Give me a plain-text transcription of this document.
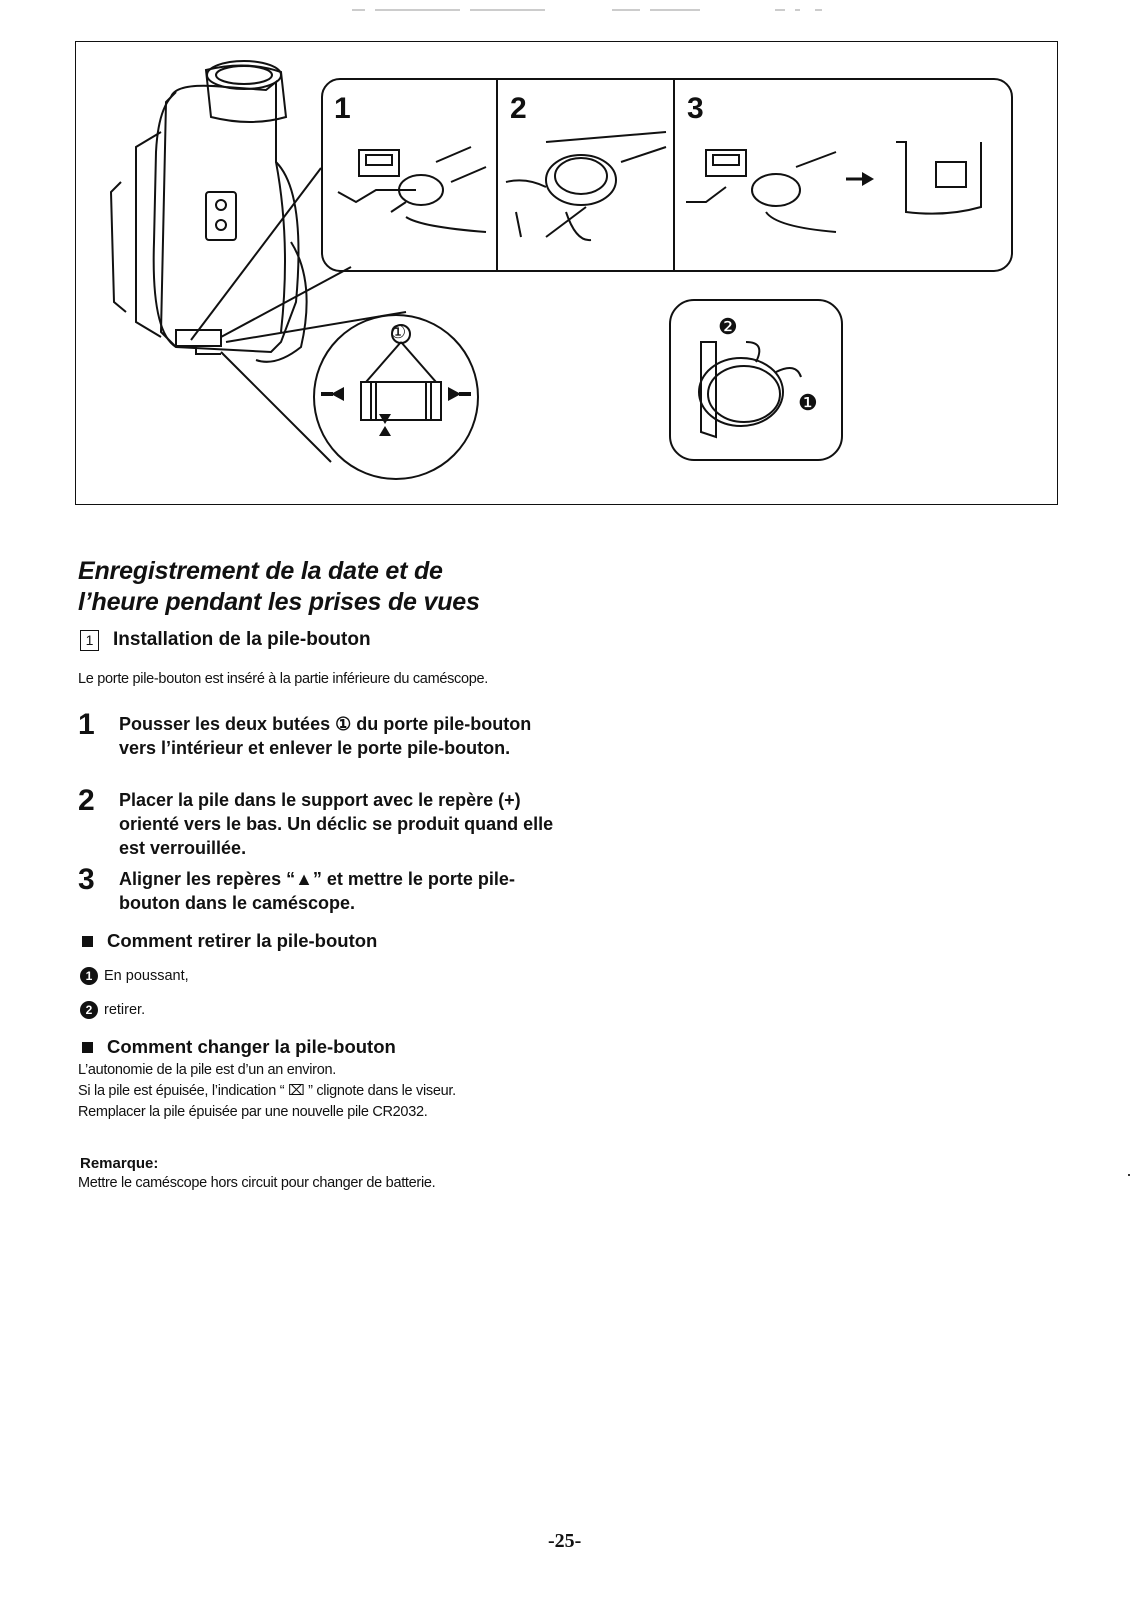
1	2	3
①	❷
❶
Enregistrement de la date et de
l’heure pendant les prises de vues
1 Installation de la pile-bouton
Le porte pile-bouton est inséré à la partie inférieure du caméscope.
1 Pousser les deux butées ① du porte pile-bouton vers l’intérieur et enlever le porte pile-bouton.
2 Placer la pile dans le support avec le repère (+) orienté vers le bas. Un déclic se produit quand elle est verrouillée.
3 Aligner les repères “▲” et mettre le porte pile-bouton dans le caméscope.
Comment retirer la pile-bouton
1 En poussant,
2 retirer.
Comment changer la pile-bouton
L’autonomie de la pile est d’un an environ.
Si la pile est épuisée, l’indication “ ⌧ ” clignote dans le viseur. Remplacer la pile épuisée par une nouvelle pile CR2032.
Remarque:
Mettre le caméscope hors circuit pour changer de batterie.
-25-
